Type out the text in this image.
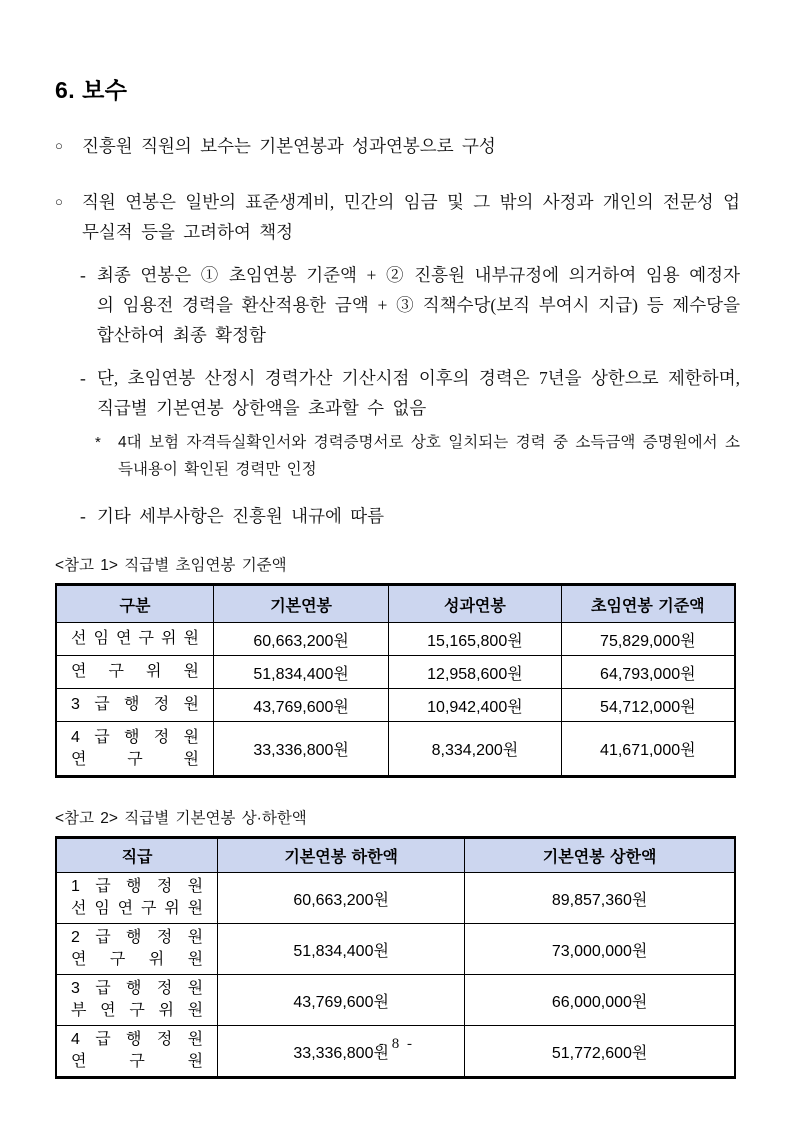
6. 보수
○	진흥원 직원의 보수는 기본연봉과 성과연봉으로 구성
○	직원 연봉은 일반의 표준생계비, 민간의 임금 및 그 밖의 사정과 개인의 전문성 업무실적 등을 고려하여 책정
- 최종 연봉은 ① 초임연봉 기준액 + ② 진흥원 내부규정에 의거하여 임용 예정자의 임용전 경력을 환산적용한 금액 + ③ 직책수당(보직 부여시 지급) 등 제수당을 합산하여 최종 확정함
- 단, 초임연봉 산정시 경력가산 기산시점 이후의 경력은 7년을 상한으로 제한하며, 직급별 기본연봉 상한액을 초과할 수 없음
*	4대 보험 자격득실확인서와 경력증명서로 상호 일치되는 경력 중 소득금액 증명원에서 소득내용이 확인된 경력만 인정
- 기타 세부사항은 진흥원 내규에 따름
<참고 1> 직급별 초임연봉 기준액
구분	기본연봉	성과연봉	초임연봉 기준액
선 임 연 구 위 원	60,663,200원	15,165,800원	75,829,000원
연 구 위 원	51,834,400원	12,958,600원	64,793,000원
3 급 행 정 원	43,769,600원	10,942,400원	54,712,000원
4 급 행 정 원
연 구 원	33,336,800원	8,334,200원	41,671,000원
<참고 2> 직급별 기본연봉 상·하한액
직급	기본연봉 하한액	기본연봉 상한액
1 급 행 정 원
선 임 연 구 위 원	60,663,200원	89,857,360원
2 급 행 정 원
연 구 위 원	51,834,400원	73,000,000원
3 급 행 정 원
부 연 구 위 원	43,769,600원	66,000,000원
4 급 행 정 원
연 구 원	33,336,800원	51,772,600원
- 8 -
